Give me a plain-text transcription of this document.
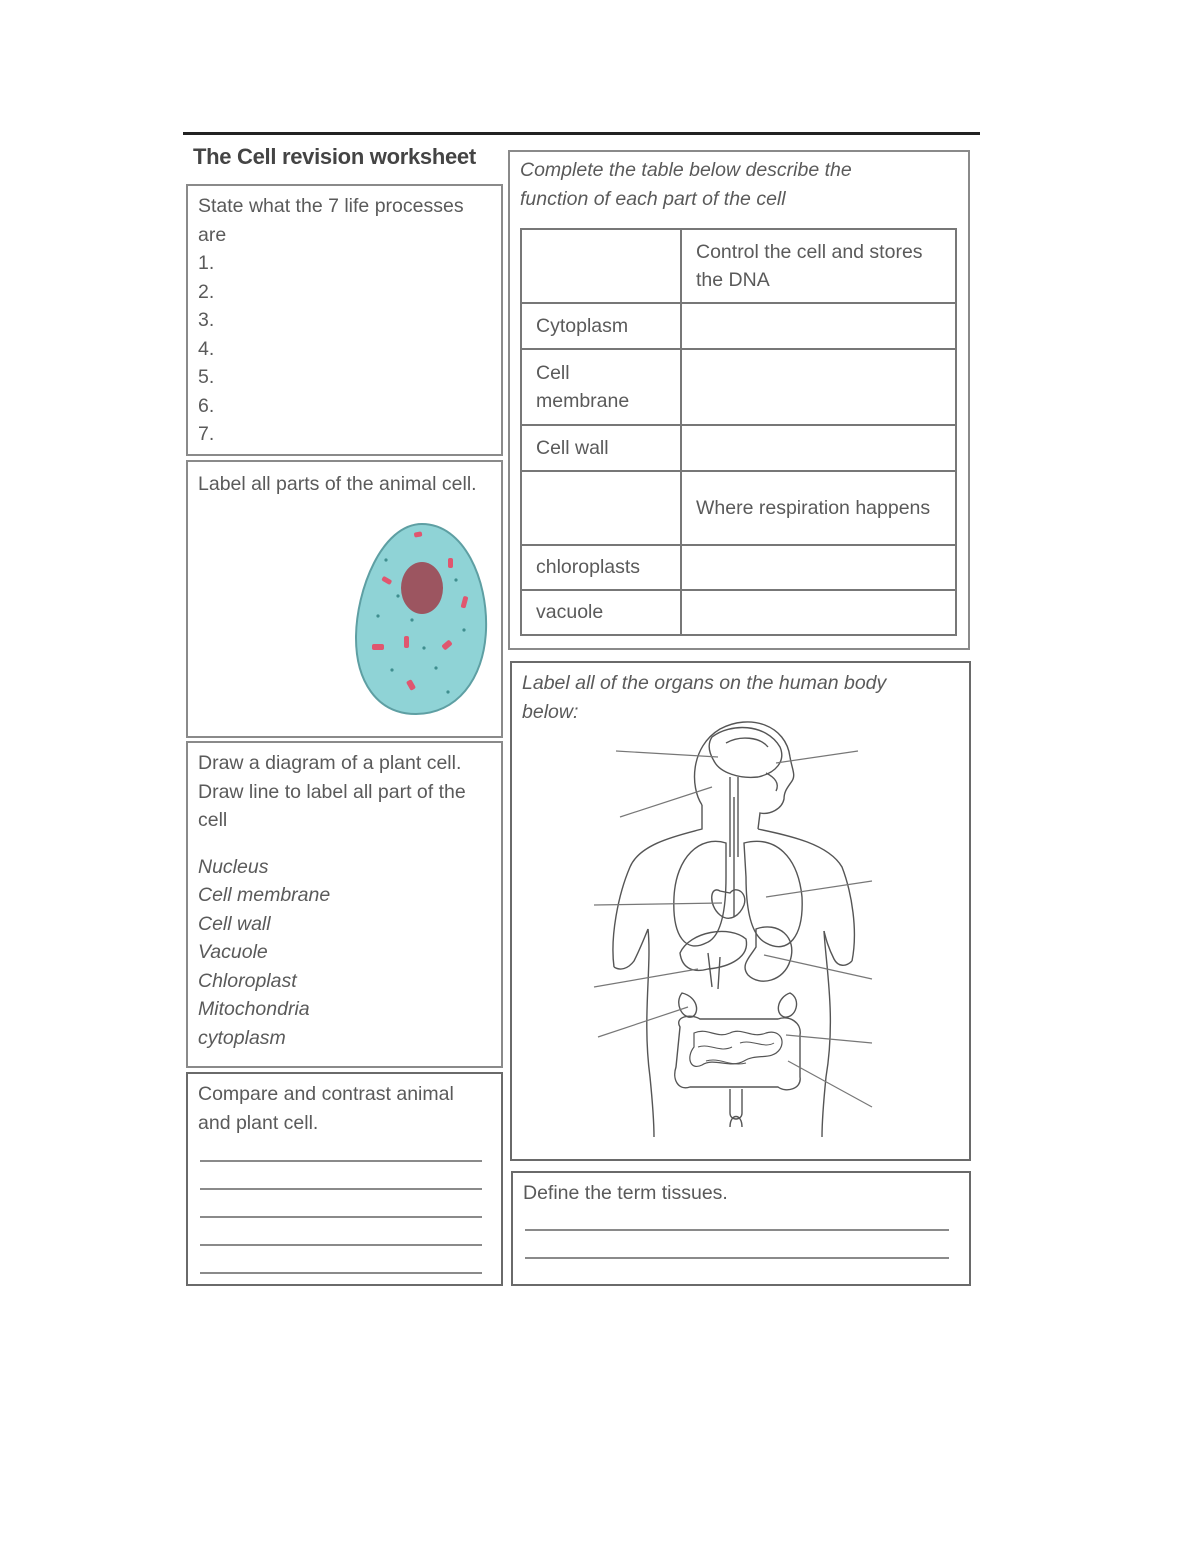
The Cell revision worksheet
State what the 7 life processes are
1.
2.
3.
4.
5.
6.
7.
Label all parts of the animal cell.
Draw a diagram of a plant cell. Draw line to label all part of the cell
Nucleus
Cell membrane
Cell wall
Vacuole
Chloroplast
Mitochondria
cytoplasm
Compare and contrast animal and plant cell.
Complete the table below describe the function of each part of the cell
	Control the cell and stores the DNA
Cytoplasm	
Cell membrane	
Cell wall	
	Where respiration happens
chloroplasts	
vacuole	
Label all of the organs on the human body below:
Define the term tissues.
